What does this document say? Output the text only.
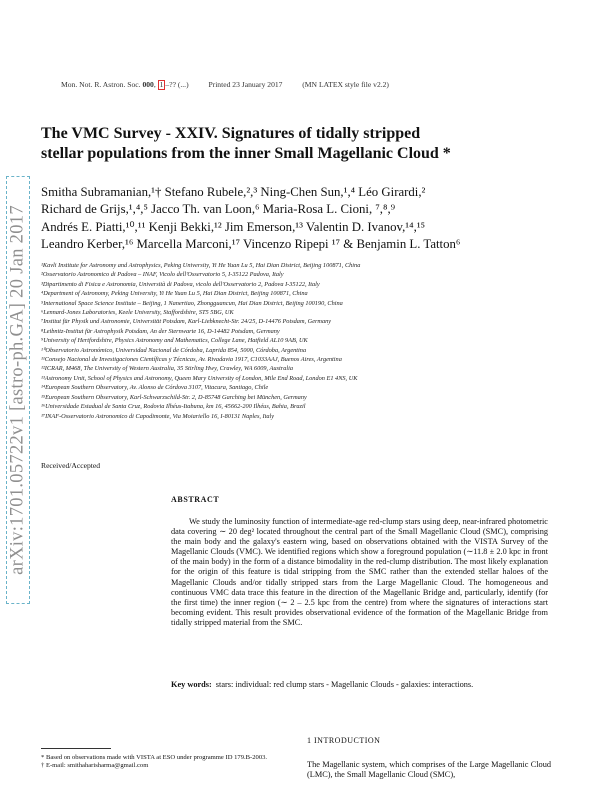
arXiv:1701.05722v1 [astro-ph.GA] 20 Jan 2017
Mon. Not. R. Astron. Soc. 000, 1 –?? (...)	Printed 23 January 2017	(MN LATEX style file v2.2)
The VMC Survey - XXIV. Signatures of tidally stripped
stellar populations from the inner Small Magellanic Cloud *
Smitha Subramanian,¹† Stefano Rubele,²,³ Ning-Chen Sun,¹,⁴ Léo Girardi,²
Richard de Grijs,¹,⁴,⁵ Jacco Th. van Loon,⁶ Maria-Rosa L. Cioni, ⁷,⁸,⁹
Andrés E. Piatti,¹⁰,¹¹ Kenji Bekki,¹² Jim Emerson,¹³ Valentin D. Ivanov,¹⁴,¹⁵
Leandro Kerber,¹⁶ Marcella Marconi,¹⁷ Vincenzo Ripepi ¹⁷ & Benjamin L. Tatton⁶
¹Kavli Institute for Astronomy and Astrophysics, Peking University, Yi He Yuan Lu 5, Hai Dian District, Beijing 100871, China
²Osservatorio Astronomico di Padova – INAF, Vicolo dell'Osservatorio 5, I-35122 Padova, Italy
³Dipartimento di Fisica e Astronomia, Università di Padova, vicolo dell'Osservatorio 2, Padova I-35122, Italy
⁴Department of Astronomy, Peking University, Yi He Yuan Lu 5, Hai Dian District, Beijing 100871, China
⁵International Space Science Institute – Beijing, 1 Nanertiao, Zhongguancun, Hai Dian District, Beijing 100190, China
⁶Lennard-Jones Laboratories, Keele University, Staffordshire, ST5 5BG, UK
⁷Institut für Physik und Astronomie, Universität Potsdam, Karl-Liebknecht-Str. 24/25, D-14476 Potsdam, Germany
⁸Leibnitz-Institut für Astrophysik Potsdam, An der Sternwarte 16, D-14482 Potsdam, Germany
⁹University of Hertfordshire, Physics Astronomy and Mathematics, College Lane, Hatfield AL10 9AB, UK
¹⁰Observatorio Astronómico, Universidad Nacional de Córdoba, Laprida 854, 5000, Córdoba, Argentina
¹¹Consejo Nacional de Investigaciones Científicas y Técnicas, Av. Rivadavia 1917, C1033AAJ, Buenos Aires, Argentina
¹²ICRAR, M468, The University of Western Australia, 35 Stirling Hwy, Crawley, WA 6009, Australia
¹³Astronomy Unit, School of Physics and Astronomy, Queen Mary University of London, Mile End Road, London E1 4NS, UK
¹⁴European Southern Observatory, Av. Alonso de Córdova 3107, Vitacura, Santiago, Chile
¹⁵European Southern Observatory, Karl-Schwarzschild-Str. 2, D-85748 Garching bei München, Germany
¹⁶Universidade Estadual de Santa Cruz, Rodovia Ilhéus-Itabuna, km 16, 45662-200 Ilhéus, Bahia, Brazil
¹⁷INAF-Osservatorio Astronomico di Capodimonte, Via Moiariello 16, I-80131 Naples, Italy
Received/Accepted
ABSTRACT
We study the luminosity function of intermediate-age red-clump stars using deep, near-infrared photometric data covering ∼ 20 deg² located throughout the central part of the Small Magellanic Cloud (SMC), comprising the main body and the galaxy's eastern wing, based on observations obtained with the VISTA Survey of the Magellanic Clouds (VMC). We identified regions which show a foreground population (∼11.8 ± 2.0 kpc in front of the main body) in the form of a distance bimodality in the red-clump distribution. The most likely explanation for the origin of this feature is tidal stripping from the SMC rather than the extended stellar haloes of the Magellanic Clouds and/or tidally stripped stars from the Large Magellanic Cloud. The homogeneous and continuous VMC data trace this feature in the direction of the Magellanic Bridge and, particularly, identify (for the first time) the inner region (∼ 2 – 2.5 kpc from the centre) from where the signatures of interactions start becoming evident. This result provides observational evidence of the formation of the Magellanic Bridge from tidally stripped material from the SMC.
Key words: stars: individual: red clump stars - Magellanic Clouds - galaxies: interactions.
* Based on observations made with VISTA at ESO under programme ID 179.B-2003.
† E-mail: smithaharisharma@gmail.com
1 INTRODUCTION
The Magellanic system, which comprises of the Large Magellanic Cloud (LMC), the Small Magellanic Cloud (SMC),
